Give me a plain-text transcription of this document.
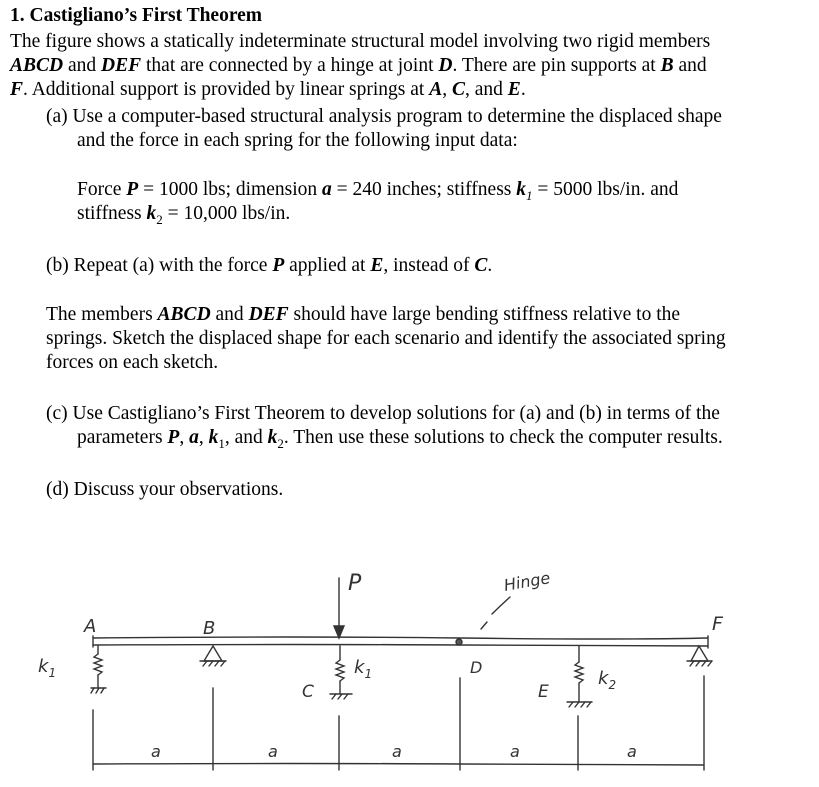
1. Castigliano’s First Theorem
The figure shows a statically indeterminate structural model involving two rigid members
ABCD and DEF that are connected by a hinge at joint D. There are pin supports at B and
F. Additional support is provided by linear springs at A, C, and E.
(a) Use a computer-based structural analysis program to determine the displaced shape
and the force in each spring for the following input data:
Force P = 1000 lbs; dimension a = 240 inches; stiffness $k_1 = 5000$ lbs/in. and
stiffness $k_2 = 10,000$ lbs/in.
(b) Repeat (a) with the force P applied at E, instead of C.
The members ABCD and DEF should have large bending stiffness relative to the
springs. Sketch the displaced shape for each scenario and identify the associated spring
forces on each sketch.
(c) Use Castigliano’s First Theorem to develop solutions for (a) and (b) in terms of the
parameters P, a, $k_1$, and $k_2$. Then use these solutions to check the computer results.
(d) Discuss your observations.
A	B
C
D
E
F
P	Hinge
$k_1$	$k_1$	$k_2$
a	a	a	a	a
